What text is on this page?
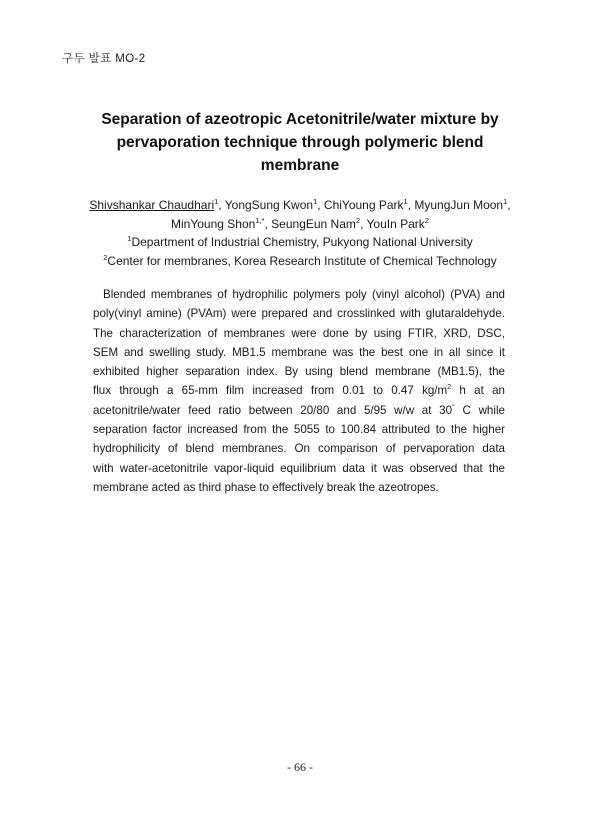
구두 발표 MO-2
Separation of azeotropic Acetonitrile/water mixture by
pervaporation technique through polymeric blend
membrane
Shivshankar Chaudhari$^1$, YongSung Kwon$^1$, ChiYoung Park$^1$, MyungJun Moon$^1$,
MinYoung Shon$^{1,*}$, SeungEun Nam$^2$, YouIn Park$^2$
$^1$Department of Industrial Chemistry, Pukyong National University
$^2$Center for membranes, Korea Research Institute of Chemical Technology
Blended membranes of hydrophilic polymers poly (vinyl alcohol) (PVA) and
poly(vinyl amine) (PVAm) were prepared and crosslinked with glutaraldehyde.
The characterization of membranes were done by using FTIR, XRD, DSC,
SEM and swelling study. MB1.5 membrane was the best one in all since it
exhibited higher separation index. By using blend membrane (MB1.5), the
flux through a 65-mm film increased from 0.01 to 0.47 $kg/m^2$ h at an
acetonitrile/water feed ratio between 20/80 and 5/95 w/w at 30° C while
separation factor increased from the 5055 to 100.84 attributed to the higher
hydrophilicity of blend membranes. On comparison of pervaporation data
with water-acetonitrile vapor-liquid equilibrium data it was observed that the
membrane acted as third phase to effectively break the azeotropes.
- 66 -
